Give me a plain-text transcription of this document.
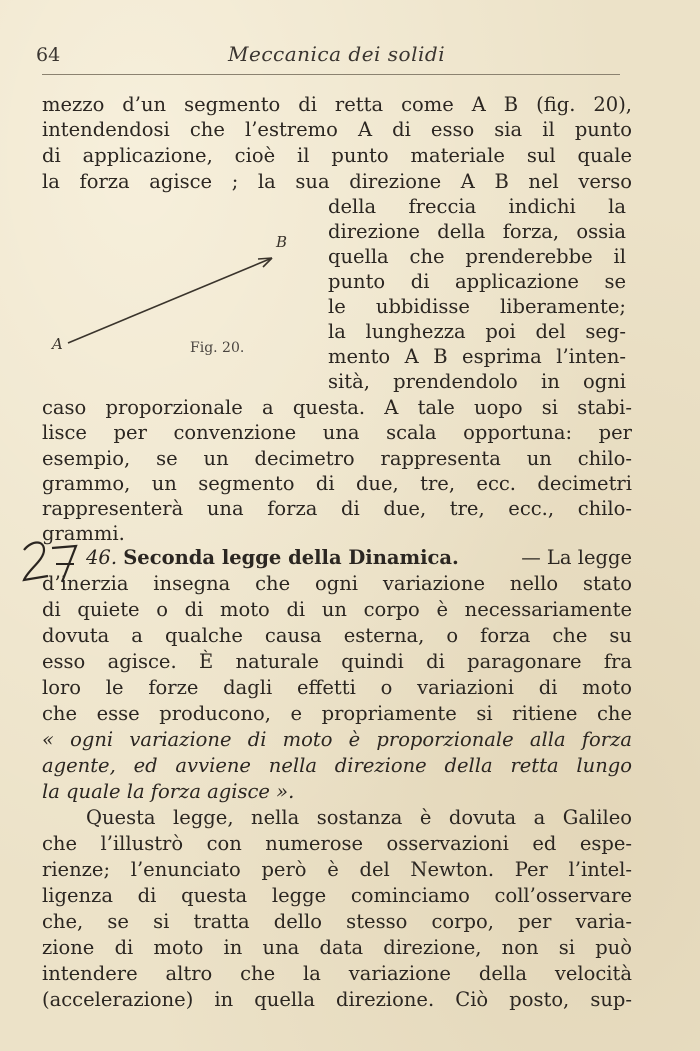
64	Meccanica dei solidi
mezzo d’un segmento di retta come A B (fig. 20),
intendendosi che l’estremo A di esso sia il punto
di applicazione, cioè il punto materiale sul quale
la forza agisce ; la sua direzione A B nel verso
della freccia indichi la
direzione della forza, ossia
quella che prenderebbe il
punto di applicazione se
le ubbidisse liberamente;
la lunghezza poi del seg-
mento A B esprima l’inten-
sità, prendendolo in ogni
A
B
Fig. 20.
caso proporzionale a questa. A tale uopo si stabi-
lisce per convenzione una scala opportuna: per
esempio, se un decimetro rappresenta un chilo-
grammo, un segmento di due, tre, ecc. decimetri
rappresenterà una forza di due, tre, ecc., chilo-
grammi.
46. Seconda legge della Dinamica.	— La legge
d’inerzia insegna che ogni variazione nello stato
di quiete o di moto di un corpo è necessariamente
dovuta a qualche causa esterna, o forza che su
esso agisce. È naturale quindi di paragonare fra
loro le forze dagli effetti o variazioni di moto
che esse producono, e propriamente si ritiene che
« ogni variazione di moto è proporzionale alla forza
agente, ed avviene nella direzione della retta lungo
la quale la forza agisce ».
Questa legge, nella sostanza è dovuta a Galileo
che l’illustrò con numerose osservazioni ed espe-
rienze; l’enunciato però è del Newton. Per l’intel-
ligenza di questa legge cominciamo coll’osservare
che, se si tratta dello stesso corpo, per varia-
zione di moto in una data direzione, non si può
intendere altro che la variazione della velocità
(accelerazione) in quella direzione. Ciò posto, sup-
